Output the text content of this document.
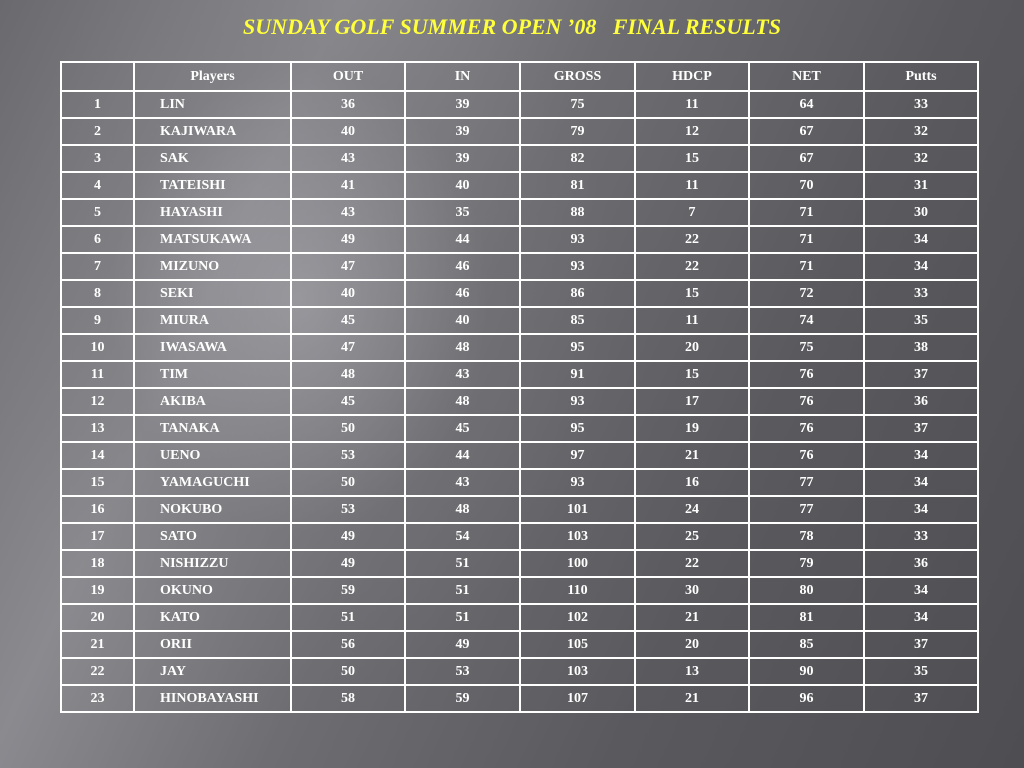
SUNDAY GOLF SUMMER OPEN ’08   FINAL RESULTS
	Players	OUT	IN	GROSS	HDCP	NET	Putts
1	LIN	36	39	75	11	64	33
2	KAJIWARA	40	39	79	12	67	32
3	SAK	43	39	82	15	67	32
4	TATEISHI	41	40	81	11	70	31
5	HAYASHI	43	35	88	7	71	30
6	MATSUKAWA	49	44	93	22	71	34
7	MIZUNO	47	46	93	22	71	34
8	SEKI	40	46	86	15	72	33
9	MIURA	45	40	85	11	74	35
10	IWASAWA	47	48	95	20	75	38
11	TIM	48	43	91	15	76	37
12	AKIBA	45	48	93	17	76	36
13	TANAKA	50	45	95	19	76	37
14	UENO	53	44	97	21	76	34
15	YAMAGUCHI	50	43	93	16	77	34
16	NOKUBO	53	48	101	24	77	34
17	SATO	49	54	103	25	78	33
18	NISHIZZU	49	51	100	22	79	36
19	OKUNO	59	51	110	30	80	34
20	KATO	51	51	102	21	81	34
21	ORII	56	49	105	20	85	37
22	JAY	50	53	103	13	90	35
23	HINOBAYASHI	58	59	107	21	96	37
